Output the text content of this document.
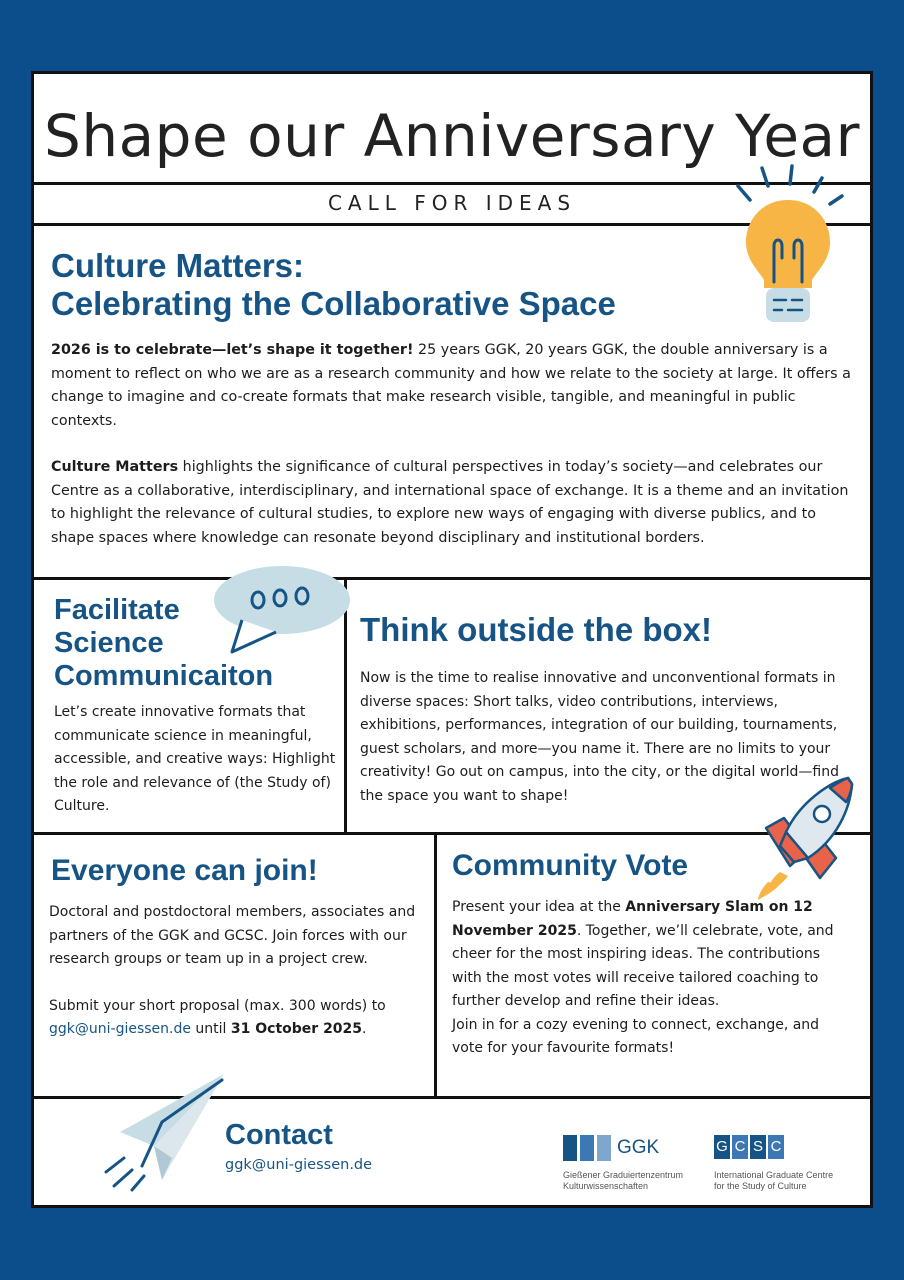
Shape our Anniversary Year
CALL FOR IDEAS
Culture Matters:
Celebrating the Collaborative Space

2026 is to celebrate—let’s shape it together! 25 years GGK, 20 years GGK, the double anniversary is a moment to reflect on who we are as a research community and how we relate to the society at large. It offers a change to imagine and co-create formats that make research visible, tangible, and meaningful in public contexts.

Culture Matters highlights the significance of cultural perspectives in today’s society—and celebrates our Centre as a collaborative, interdisciplinary, and international space of exchange. It is a theme and an invitation to highlight the relevance of cultural studies, to explore new ways of engaging with diverse publics, and to shape spaces where knowledge can resonate beyond disciplinary and institutional borders.

Facilitate
Science
Communicaiton
Let’s create innovative formats that communicate science in meaningful, accessible, and creative ways: Highlight the role and relevance of (the Study of) Culture.
Think outside the box!
Now is the time to realise innovative and unconventional formats in diverse spaces: Short talks, video contributions, interviews, exhibitions, performances, integration of our building, tournaments, guest scholars, and more—you name it. There are no limits to your creativity! Go out on campus, into the city, or the digital world—find the space you want to shape!
Everyone can join!

Doctoral and postdoctoral members, associates and partners of the GGK and GCSC. Join forces with our research groups or team up in a project crew.

Submit your short proposal (max. 300 words) to ggk@uni-giessen.de until 31 October 2025.

Community Vote

Present your idea at the Anniversary Slam on 12 November 2025. Together, we’ll celebrate, vote, and cheer for the most inspiring ideas. The contributions with the most votes will receive tailored coaching to further develop and refine their ideas.

Join in for a cozy evening to connect, exchange, and vote for your favourite formats!

Contact
ggk@uni-giessen.de
GGK
Gießener Graduiertenzentrum
Kulturwissenschaften
G C S C
International Graduate Centre
for the Study of Culture
